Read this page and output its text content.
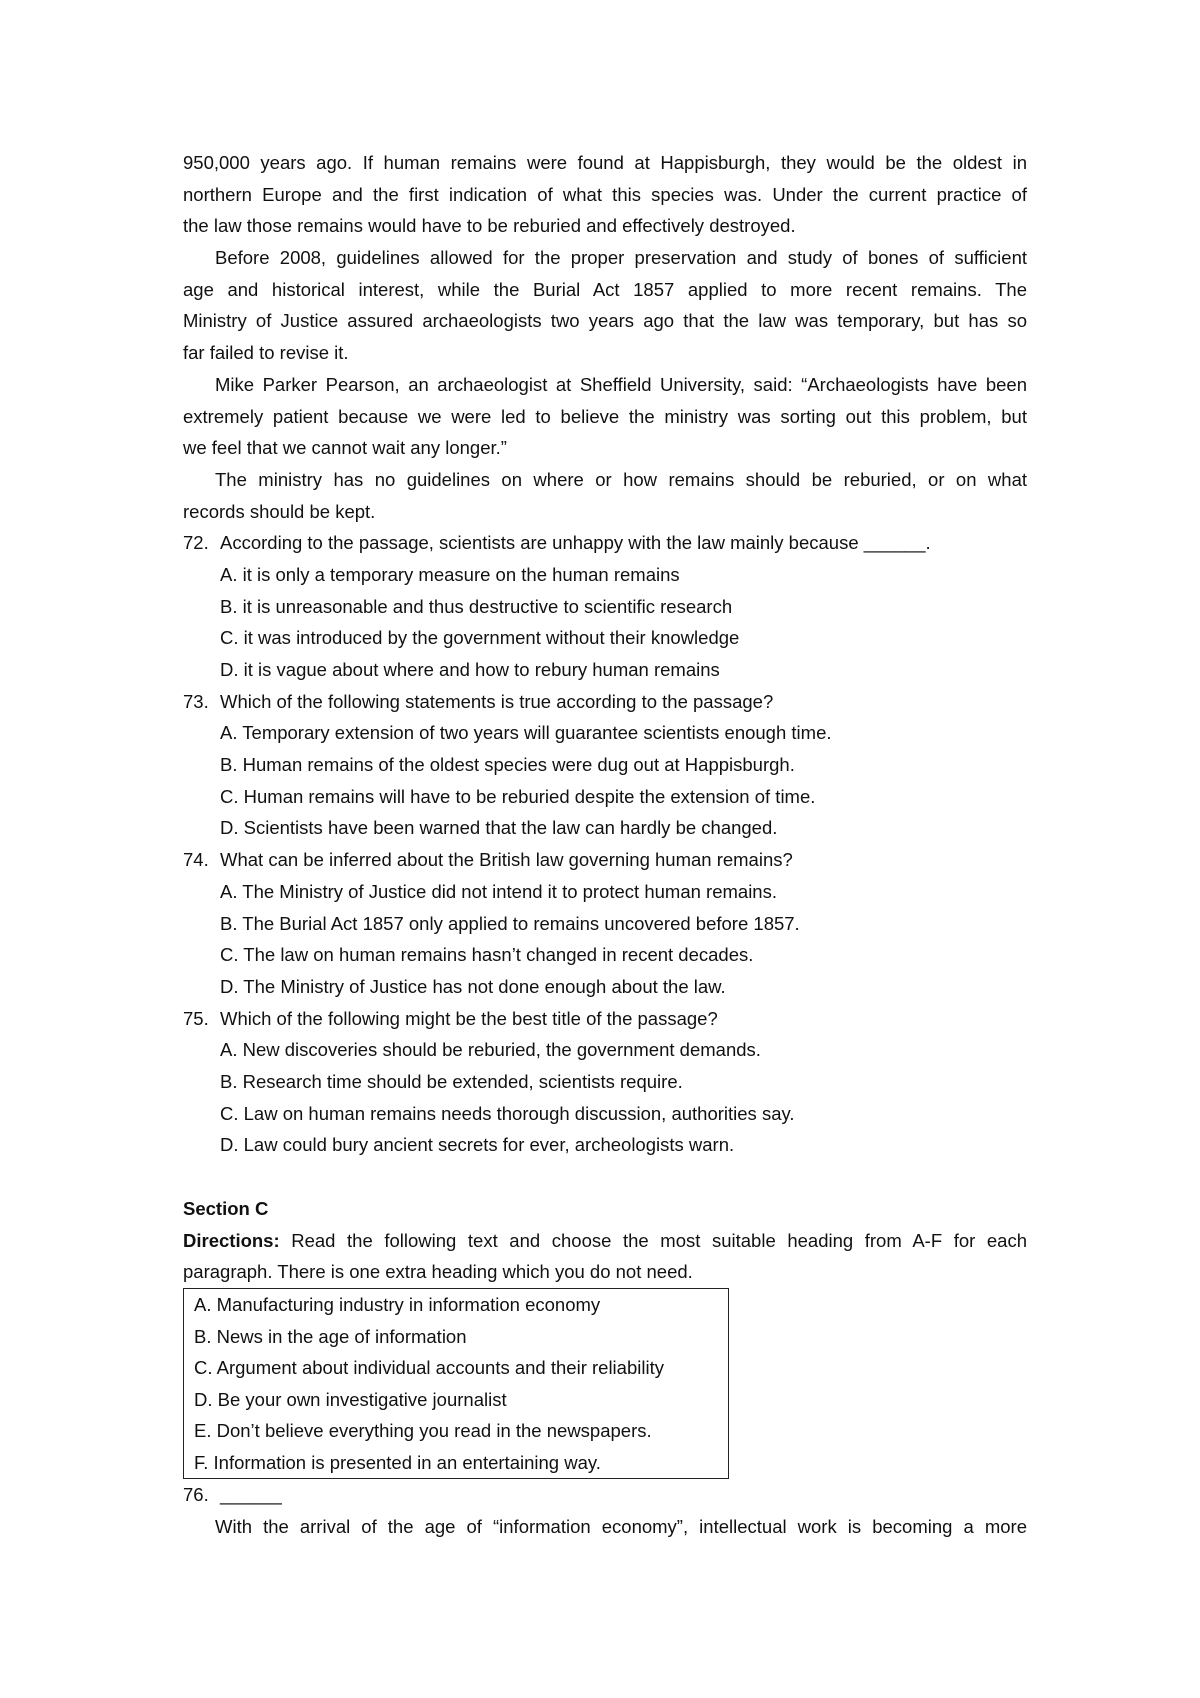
950,000 years ago. If human remains were found at Happisburgh, they would be the oldest in
northern Europe and the first indication of what this species was. Under the current practice of
the law those remains would have to be reburied and effectively destroyed.
Before 2008, guidelines allowed for the proper preservation and study of bones of sufficient
age and historical interest, while the Burial Act 1857 applied to more recent remains. The
Ministry of Justice assured archaeologists two years ago that the law was temporary, but has so
far failed to revise it.
Mike Parker Pearson, an archaeologist at Sheffield University, said: “Archaeologists have been
extremely patient because we were led to believe the ministry was sorting out this problem, but
we feel that we cannot wait any longer.”
The ministry has no guidelines on where or how remains should be reburied, or on what
records should be kept.
72. According to the passage, scientists are unhappy with the law mainly because ______.
A. it is only a temporary measure on the human remains
B. it is unreasonable and thus destructive to scientific research
C. it was introduced by the government without their knowledge
D. it is vague about where and how to rebury human remains
73. Which of the following statements is true according to the passage?
A. Temporary extension of two years will guarantee scientists enough time.
B. Human remains of the oldest species were dug out at Happisburgh.
C. Human remains will have to be reburied despite the extension of time.
D. Scientists have been warned that the law can hardly be changed.
74. What can be inferred about the British law governing human remains?
A. The Ministry of Justice did not intend it to protect human remains.
B. The Burial Act 1857 only applied to remains uncovered before 1857.
C. The law on human remains hasn’t changed in recent decades.
D. The Ministry of Justice has not done enough about the law.
75. Which of the following might be the best title of the passage?
A. New discoveries should be reburied, the government demands.
B. Research time should be extended, scientists require.
C. Law on human remains needs thorough discussion, authorities say.
D. Law could bury ancient secrets for ever, archeologists warn.
Section C
Directions: Read the following text and choose the most suitable heading from A-F for each
paragraph. There is one extra heading which you do not need.
A. Manufacturing industry in information economy
B. News in the age of information
C. Argument about individual accounts and their reliability
D. Be your own investigative journalist
E. Don’t believe everything you read in the newspapers.
F. Information is presented in an entertaining way.
76. ______
With the arrival of the age of “information economy”, intellectual work is becoming a more
